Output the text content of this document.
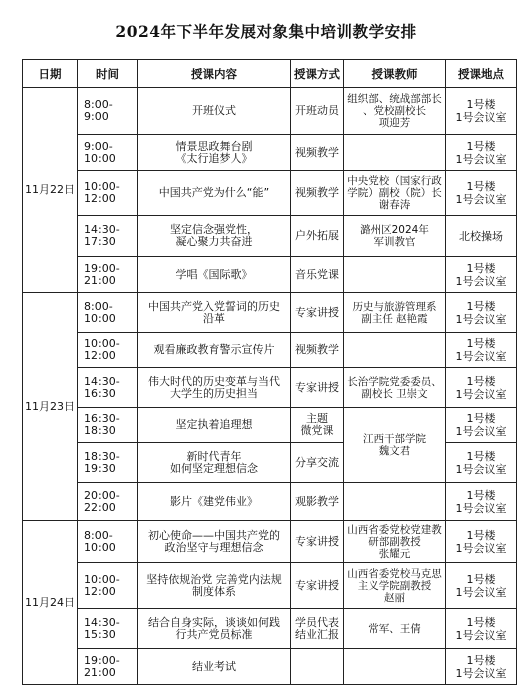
2024年下半年发展对象集中培训教学安排
日期	时间	授课内容	授课方式	授课教师	授课地点
11月22日	8:00-9:00	开班仪式	开班动员	组织部、统战部部长
、党校副校长
项迎芳	1号楼
1号会议室

	9:00-10:00	情景思政舞台剧
《太行追梦人》	视频教学		1号楼
1号会议室

	10:00-12:00	中国共产党为什么“能”	视频教学	中央党校（国家行政
学院）副校（院）长
谢春涛	1号楼
1号会议室

	14:30-17:30	坚定信念强党性，
凝心聚力共奋进	户外拓展	潞州区2024年
军训教官	北校操场

	19:00-21:00	学唱《国际歌》	音乐党课		1号楼
1号会议室

11月23日	8:00-10:00	中国共产党入党誓词的历史
沿革	专家讲授	历史与旅游管理系
副主任 赵艳霞	1号楼
1号会议室

	10:00-12:00	观看廉政教育警示宣传片	视频教学		1号楼
1号会议室

	14:30-16:30	伟大时代的历史变革与当代
大学生的历史担当	专家讲授	长治学院党委委员、
副校长 卫崇文	1号楼
1号会议室

	16:30-18:30	坚定执着追理想	主题
微党课	江西干部学院
魏文君	1号楼
1号会议室

	18:30-19:30	新时代青年
如何坚定理想信念	分享交流		1号楼
1号会议室

	20:00-22:00	影片《建党伟业》	观影教学		1号楼
1号会议室

11月24日	8:00-10:00	初心使命——中国共产党的
政治坚守与理想信念	专家讲授	山西省委党校党建教
研部副教授
张耀元	1号楼
1号会议室

	10:00-12:00	坚持依规治党 完善党内法规
制度体系	专家讲授	山西省委党校马克思
主义学院副教授
赵丽	1号楼
1号会议室

	14:30-15:30	结合自身实际，谈谈如何践
行共产党员标准	学员代表
结业汇报	常军、王倩	1号楼
1号会议室

	19:00-21:00	结业考试			1号楼
1号会议室
